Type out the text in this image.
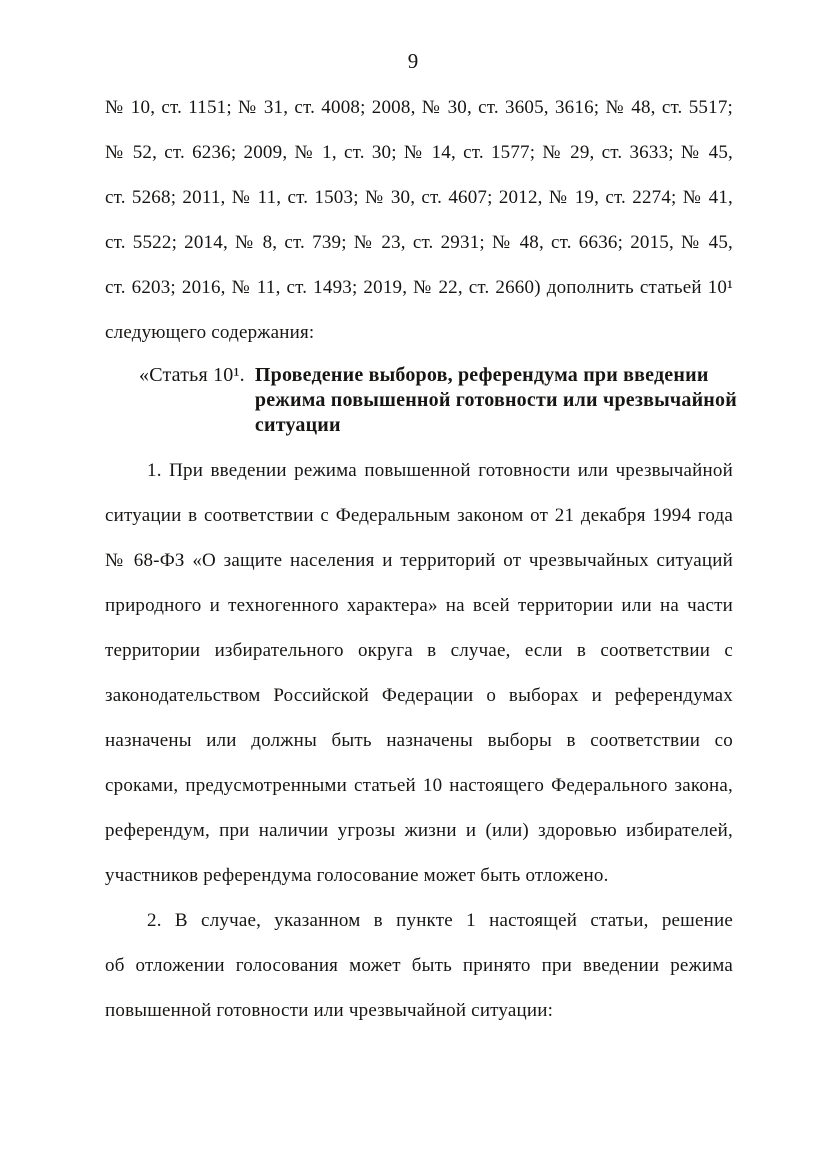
9
№ 10, ст. 1151; № 31, ст. 4008; 2008, № 30, ст. 3605, 3616; № 48, ст. 5517;
№ 52, ст. 6236; 2009, № 1, ст. 30; № 14, ст. 1577; № 29, ст. 3633; № 45,
ст. 5268; 2011, № 11, ст. 1503; № 30, ст. 4607; 2012, № 19, ст. 2274; № 41,
ст. 5522; 2014, № 8, ст. 739; № 23, ст. 2931; № 48, ст. 6636; 2015, № 45,
ст. 6203; 2016, № 11, ст. 1493; 2019, № 22, ст. 2660) дополнить статьей 10¹
следующего содержания:
«Статья 10¹. Проведение выборов, референдума при введении
режима повышенной готовности или чрезвычайной
ситуации
1. При введении режима повышенной готовности или чрезвычайной
ситуации в соответствии с Федеральным законом от 21 декабря 1994 года
№ 68-ФЗ «О защите населения и территорий от чрезвычайных ситуаций
природного и техногенного характера» на всей территории или на части
территории избирательного округа в случае, если в соответствии с
законодательством Российской Федерации о выборах и референдумах
назначены или должны быть назначены выборы в соответствии со
сроками, предусмотренными статьей 10 настоящего Федерального закона,
референдум, при наличии угрозы жизни и (или) здоровью избирателей,
участников референдума голосование может быть отложено.
2. В случае, указанном в пункте 1 настоящей статьи, решение
об отложении голосования может быть принято при введении режима
повышенной готовности или чрезвычайной ситуации:
